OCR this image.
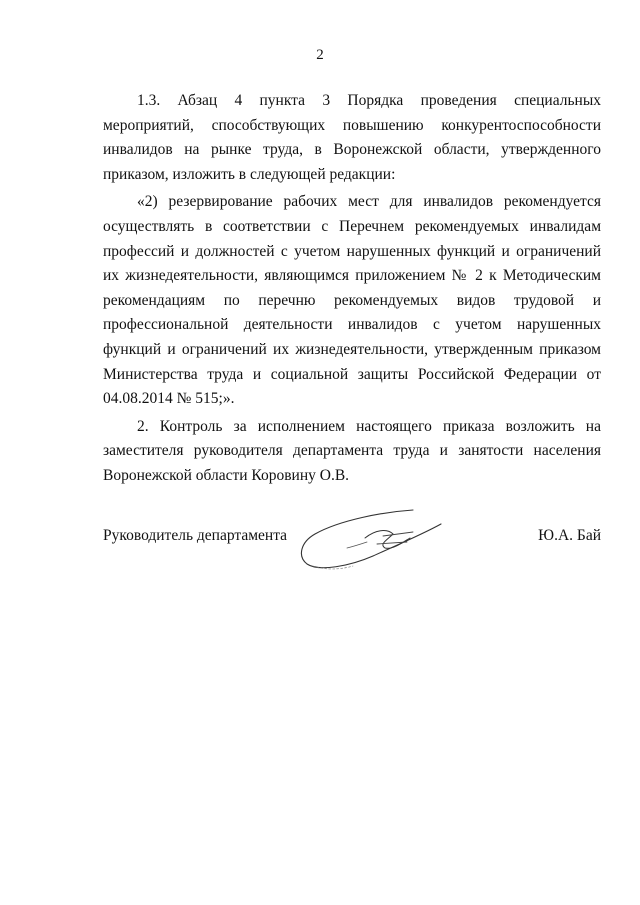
2

1.3. Абзац 4 пункта 3 Порядка проведения специальных мероприятий, способствующих повышению конкурентоспособности инвалидов на рынке труда, в Воронежской области, утвержденного приказом, изложить в следующей редакции:

«2) резервирование рабочих мест для инвалидов рекомендуется осуществлять в соответствии с Перечнем рекомендуемых инвалидам профессий и должностей с учетом нарушенных функций и ограничений их жизнедеятельности, являющимся приложением № 2 к Методическим рекомендациям по перечню рекомендуемых видов трудовой и профессиональной деятельности инвалидов с учетом нарушенных функций и ограничений их жизнедеятельности, утвержденным приказом Министерства труда и социальной защиты Российской Федерации от 04.08.2014 № 515;».

2. Контроль за исполнением настоящего приказа возложить на заместителя руководителя департамента труда и занятости населения Воронежской области Коровину О.В.

Руководитель департамента	Ю.А. Бай
